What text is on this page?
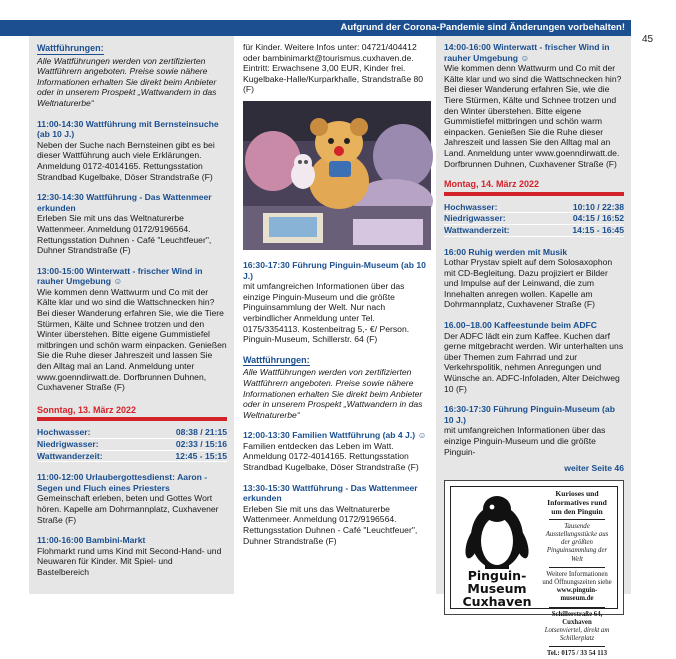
Aufgrund der Corona-Pandemie sind Änderungen vorbehalten!
45
Wattführungen:

Alle Wattführungen werden von zertifizierten Wattführern angeboten. Preise sowie nähere Informationen erhalten Sie direkt beim Anbieter oder in unserem Prospekt „Wattwandern in das Weltnaturerbe“

11:00-14:30 Wattführung mit Bernsteinsuche (ab 10 J.)

Neben der Suche nach Bernsteinen gibt es bei dieser Wattführung auch viele Erklärungen. Anmeldung 0172-4014165. Rettungsstation Strandbad Kugelbake, Döser Strandstraße (F)

12:30-14:30 Wattführung - Das Wattenmeer erkunden

Erleben Sie mit uns das Weltnaturerbe Wattenmeer. Anmeldung 0172/9196564. Rettungsstation Duhnen - Café "Leuchtfeuer", Duhner Strandstraße (F)

13:00-15:00 Winterwatt - frischer Wind in rauher Umgebung ☺

Wie kommen denn Wattwurm und Co mit der Kälte klar und wo sind die Wattschnecken hin? Bei dieser Wanderung erfahren Sie, wie die Tiere Stürmen, Kälte und Schnee trotzen und den Winter überstehen. Bitte eigene Gummistiefel mitbringen und schön warm einpacken. Genießen Sie die Ruhe dieser Jahreszeit und lassen Sie den Alltag mal an Land. Anmeldung unter www.goenndirwatt.de. Dorfbrunnen Duhnen, Cuxhavener Straße (F)

Sonntag, 13. März 2022
Hochwasser:	08:38 / 21:15
Niedrigwasser:	02:33 / 15:16
Wattwanderzeit:	12:45 - 15:15

11:00-12:00 Urlaubergottesdienst: Aaron - Segen und Fluch eines Priesters

Gemeinschaft erleben, beten und Gottes Wort hören. Kapelle am Dohrmannplatz, Cuxhavener Straße (F)

11:00-16:00 Bambini-Markt

Flohmarkt rund ums Kind mit Second-Hand- und Neuwaren für Kinder. Mit Spiel- und Bastelbereich

für Kinder. Weitere Infos unter: 04721/404412 oder bambinimarkt@tourismus.cuxhaven.de. Eintritt: Erwachsene 3,00 EUR, Kinder frei. Kugelbake-Halle/Kurparkhalle, Strandstraße 80 (F)

16:30-17:30 Führung Pinguin-Museum (ab 10 J.)

mit umfangreichen Informationen über das einzige Pinguin-Museum und die größte Pinguinsammlung der Welt. Nur nach verbindlicher Anmeldung unter Tel. 0175/3354113. Kostenbeitrag 5,- €/ Person. Pinguin-Museum, Schillerstr. 64 (F)

Wattführungen:

Alle Wattführungen werden von zertifizierten Wattführern angeboten. Preise sowie nähere Informationen erhalten Sie direkt beim Anbieter oder in unserem Prospekt „Wattwandern in das Weltnaturerbe“

12:00-13:30 Familien Wattführung (ab 4 J.) ☺

Familien entdecken das Leben im Watt. Anmeldung 0172-4014165. Rettungsstation Strandbad Kugelbake, Döser Strandstraße (F)

13:30-15:30 Wattführung - Das Wattenmeer erkunden

Erleben Sie mit uns das Weltnaturerbe Wattenmeer. Anmeldung 0172/9196564. Rettungsstation Duhnen - Café "Leuchtfeuer", Duhner Strandstraße (F)

14:00-16:00 Winterwatt - frischer Wind in rauher Umgebung ☺

Wie kommen denn Wattwurm und Co mit der Kälte klar und wo sind die Wattschnecken hin? Bei dieser Wanderung erfahren Sie, wie die Tiere Stürmen, Kälte und Schnee trotzen und den Winter überstehen. Bitte eigene Gummistiefel mitbringen und schön warm einpacken. Genießen Sie die Ruhe dieser Jahreszeit und lassen Sie den Alltag mal an Land. Anmeldung unter www.goenndirwatt.de. Dorfbrunnen Duhnen, Cuxhavener Straße (F)

Montag, 14. März 2022
Hochwasser:	10:10 / 22:38
Niedrigwasser:	04:15 / 16:52
Wattwanderzeit:	14:15 - 16:45

16:00 Ruhig werden mit Musik

Lothar Prystav spielt auf dem Solosaxophon mit CD-Begleitung. Dazu projiziert er Bilder und Impulse auf der Leinwand, die zum Innehalten anregen wollen. Kapelle am Dohrmannplatz, Cuxhavener Straße (F)

16.00–18.00 Kaffeestunde beim ADFC

Der ADFC lädt ein zum Kaffee. Kuchen darf gerne mitgebracht werden. Wir unterhalten uns über Themen zum Fahrrad und zur Verkehrspolitik, nehmen Anregungen und Wünsche an. ADFC-Infoladen, Alter Deichweg 10 (F)

16:30-17:30 Führung Pinguin-Museum (ab 10 J.)

mit umfangreichen Informationen über das einzige Pinguin-Museum und die größte Pinguin-

weiter Seite 46
Pinguin-
Museum
Cuxhaven
Kurioses und Informatives rund um den Pinguin
Tausende Ausstellungsstücke aus der größten Pinguinsammlung der Welt
Weitere Informationen und Öffnungszeiten siehe
www.pinguin-museum.de
Schillerstraße 64, Cuxhaven
Lotsenviertel, direkt am Schillerplatz
Tel.: 0175 / 33 54 113
